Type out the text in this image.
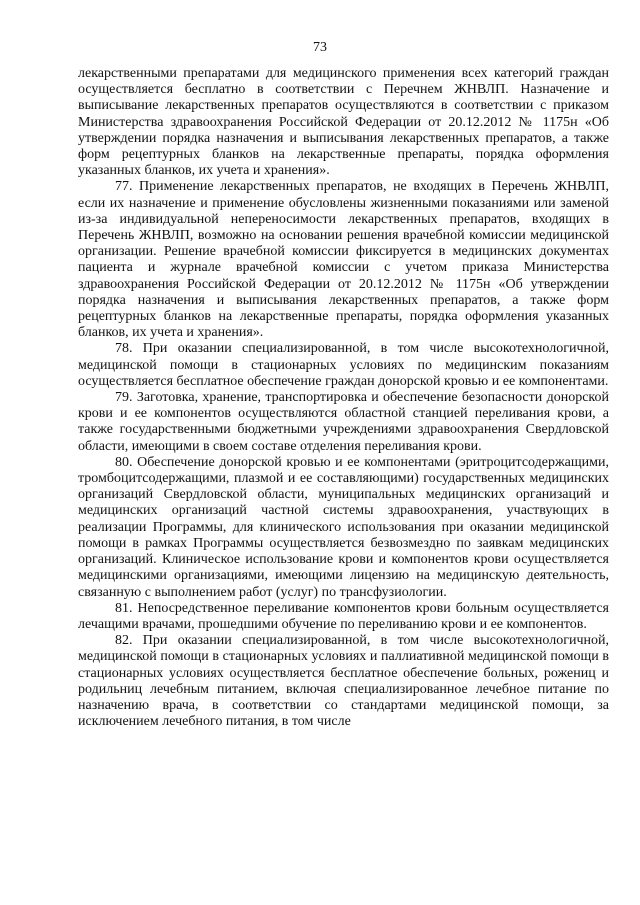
73

лекарственными препаратами для медицинского применения всех категорий граждан осуществляется бесплатно в соответствии с Перечнем ЖНВЛП. Назначение и выписывание лекарственных препаратов осуществляются в соответствии с приказом Министерства здравоохранения Российской Федерации от 20.12.2012 № 1175н «Об утверждении порядка назначения и выписывания лекарственных препаратов, а также форм рецептурных бланков на лекарственные препараты, порядка оформления указанных бланков, их учета и хранения».

77. Применение лекарственных препаратов, не входящих в Перечень ЖНВЛП, если их назначение и применение обусловлены жизненными показаниями или заменой из-за индивидуальной непереносимости лекарственных препаратов, входящих в Перечень ЖНВЛП, возможно на основании решения врачебной комиссии медицинской организации. Решение врачебной комиссии фиксируется в медицинских документах пациента и журнале врачебной комиссии с учетом приказа Министерства здравоохранения Российской Федерации от 20.12.2012 № 1175н «Об утверждении порядка назначения и выписывания лекарственных препаратов, а также форм рецептурных бланков на лекарственные препараты, порядка оформления указанных бланков, их учета и хранения».

78. При оказании специализированной, в том числе высокотехнологичной, медицинской помощи в стационарных условиях по медицинским показаниям осуществляется бесплатное обеспечение граждан донорской кровью и ее компонентами.

79. Заготовка, хранение, транспортировка и обеспечение безопасности донорской крови и ее компонентов осуществляются областной станцией переливания крови, а также государственными бюджетными учреждениями здравоохранения Свердловской области, имеющими в своем составе отделения переливания крови.

80. Обеспечение донорской кровью и ее компонентами (эритроцитсодержащими, тромбоцитсодержащими, плазмой и ее составляющими) государственных медицинских организаций Свердловской области, муниципальных медицинских организаций и медицинских организаций частной системы здравоохранения, участвующих в реализации Программы, для клинического использования при оказании медицинской помощи в рамках Программы осуществляется безвозмездно по заявкам медицинских организаций. Клиническое использование крови и компонентов крови осуществляется медицинскими организациями, имеющими лицензию на медицинскую деятельность, связанную с выполнением работ (услуг) по трансфузиологии.

81. Непосредственное переливание компонентов крови больным осуществляется лечащими врачами, прошедшими обучение по переливанию крови и ее компонентов.

82. При оказании специализированной, в том числе высокотехнологичной, медицинской помощи в стационарных условиях и паллиативной медицинской помощи в стационарных условиях осуществляется бесплатное обеспечение больных, рожениц и родильниц лечебным питанием, включая специализированное лечебное питание по назначению врача, в соответствии со стандартами медицинской помощи, за исключением лечебного питания, в том числе
